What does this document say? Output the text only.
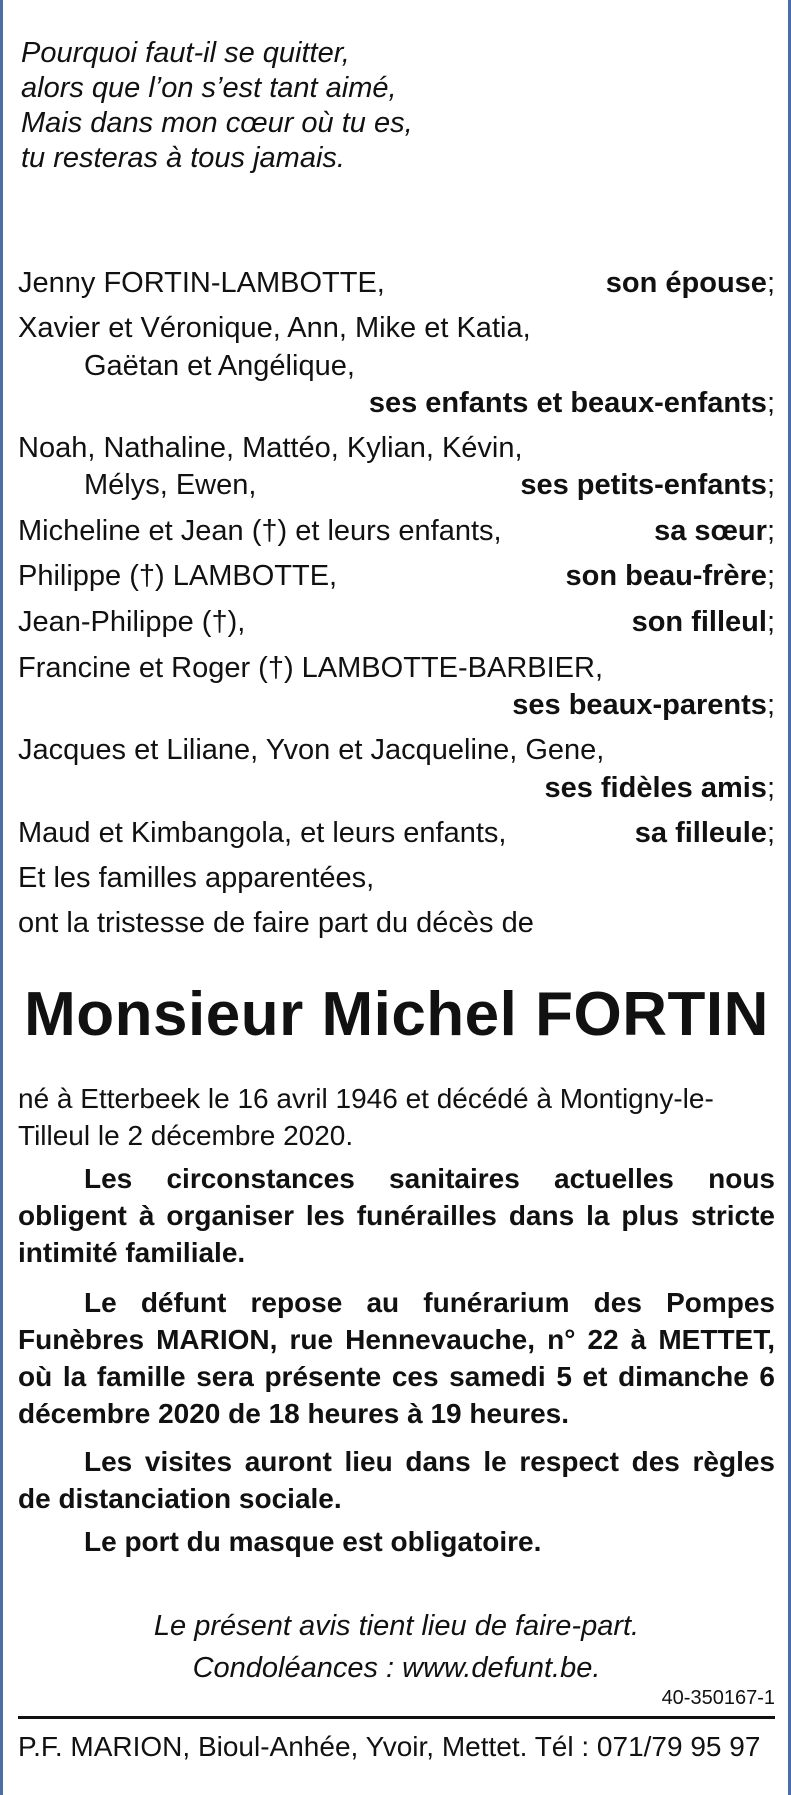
Pourquoi faut-il se quitter,
alors que l’on s’est tant aimé,
Mais dans mon cœur où tu es,
tu resteras à tous jamais.
Jenny FORTIN-LAMBOTTE,	son épouse;
Xavier et Véronique, Ann, Mike et Katia,
Gaëtan et Angélique,
ses enfants et beaux-enfants;
Noah, Nathaline, Mattéo, Kylian, Kévin,
Mélys, Ewen,	ses petits-enfants;
Micheline et Jean (†) et leurs enfants,	sa sœur;
Philippe (†) LAMBOTTE,	son beau-frère;
Jean-Philippe (†),	son filleul;
Francine et Roger (†) LAMBOTTE-BARBIER,
ses beaux-parents;
Jacques et Liliane, Yvon et Jacqueline, Gene,
ses fidèles amis;
Maud et Kimbangola, et leurs enfants,	sa filleule;
Et les familles apparentées,
ont la tristesse de faire part du décès de
Monsieur Michel FORTIN
né à Etterbeek le 16 avril 1946 et décédé à Montigny-le-Tilleul le 2 décembre 2020.
Les circonstances sanitaires actuelles nous obligent à organiser les funérailles dans la plus stricte intimité familiale.
Le défunt repose au funérarium des Pompes Funèbres MARION, rue Hennevauche, n° 22 à METTET, où la famille sera présente ces samedi 5 et dimanche 6 décembre 2020 de 18 heures à 19 heures.
Les visites auront lieu dans le respect des règles de distanciation sociale.
Le port du masque est obligatoire.
Le présent avis tient lieu de faire-part.
Condoléances : www.defunt.be.
40-350167-1
P.F. MARION, Bioul-Anhée, Yvoir, Mettet. Tél : 071/79 95 97
